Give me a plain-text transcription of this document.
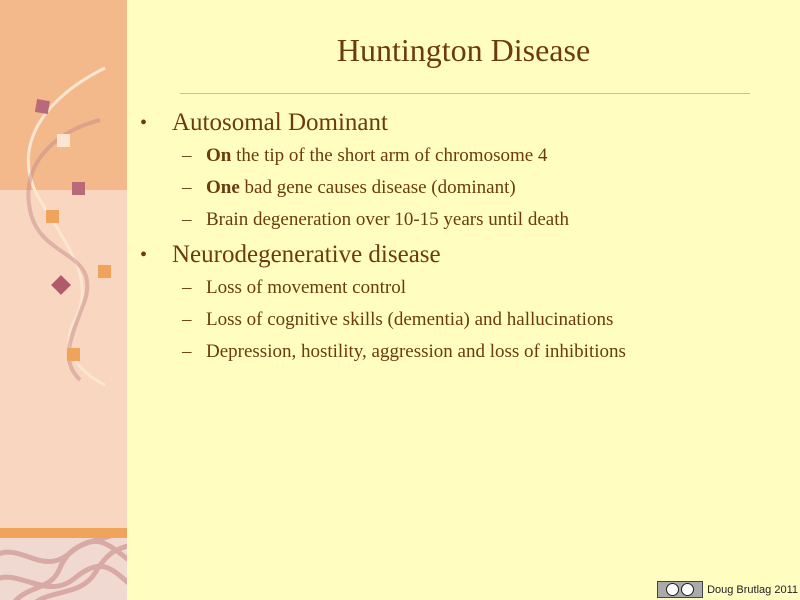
Huntington Disease
• Autosomal Dominant
– On the tip of the short arm of chromosome 4
– One bad gene causes disease (dominant)
– Brain degeneration over 10-15 years until death
• Neurodegenerative disease
– Loss of movement control
– Loss of cognitive skills (dementia) and hallucinations
– Depression, hostility, aggression and loss of inhibitions
Doug Brutlag 2011
